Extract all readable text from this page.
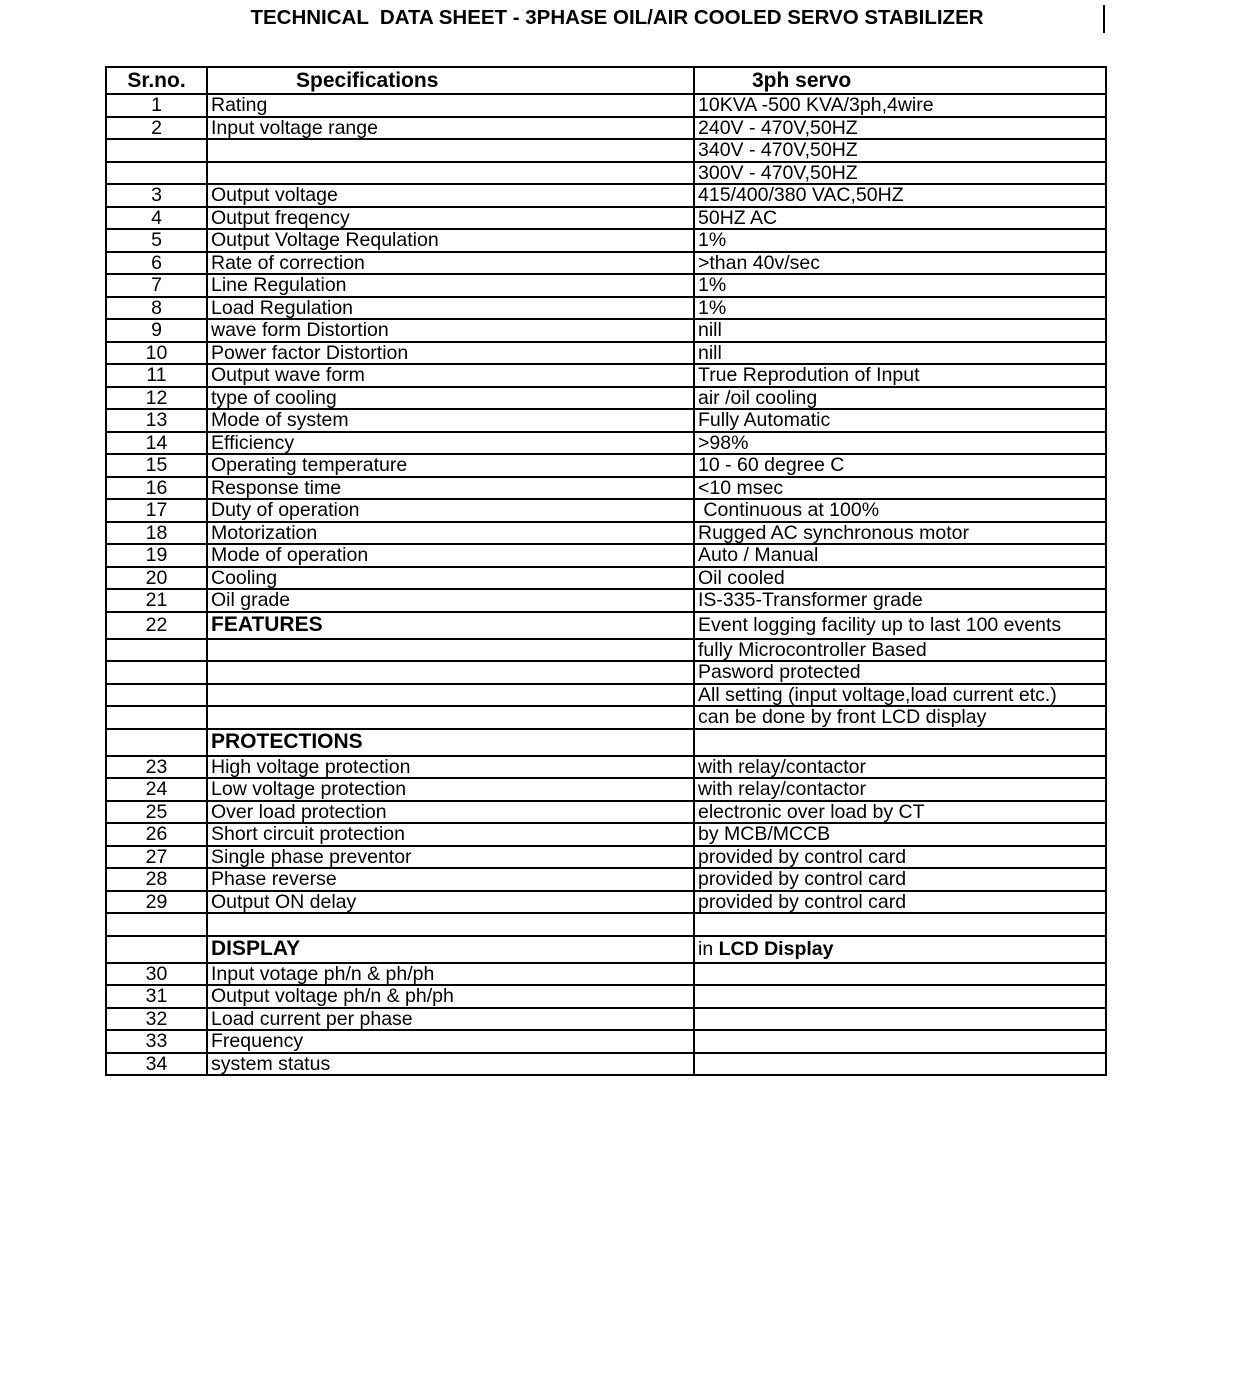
TECHNICAL  DATA SHEET - 3PHASE OIL/AIR COOLED SERVO STABILIZER
Sr.no.	Specifications	3ph servo
1	Rating	10KVA -500 KVA/3ph,4wire
2	Input voltage range	240V - 470V,50HZ
		340V - 470V,50HZ
		300V - 470V,50HZ
3	Output voltage	415/400/380 VAC,50HZ
4	Output freqency	50HZ AC
5	Output Voltage Requlation	1%
6	Rate of correction	>than 40v/sec
7	Line Regulation	1%
8	Load Regulation	1%
9	wave form Distortion	nill
10	Power factor Distortion	nill
11	Output wave form	True Reprodution of Input
12	type of cooling	air /oil cooling
13	Mode of system	Fully Automatic
14	Efficiency	>98%
15	Operating temperature	10 - 60 degree C
16	Response time	<10 msec
17	Duty of operation	Continuous at 100%
18	Motorization	Rugged AC synchronous motor
19	Mode of operation	Auto / Manual
20	Cooling	Oil cooled
21	Oil grade	IS-335-Transformer grade
22	FEATURES	Event logging facility up to last 100 events
		fully Microcontroller Based
		Pasword protected
		All setting (input voltage,load current etc.)
		can be done by front LCD display
	PROTECTIONS	
23	High voltage protection	with relay/contactor
24	Low voltage protection	with relay/contactor
25	Over load protection	electronic over load by CT
26	Short circuit protection	by MCB/MCCB
27	Single phase preventor	provided by control card
28	Phase reverse	provided by control card
29	Output ON delay	provided by control card

	DISPLAY	in LCD Display
30	Input votage ph/n & ph/ph	
31	Output voltage ph/n & ph/ph	
32	Load current per phase	
33	Frequency	
34	system status	
